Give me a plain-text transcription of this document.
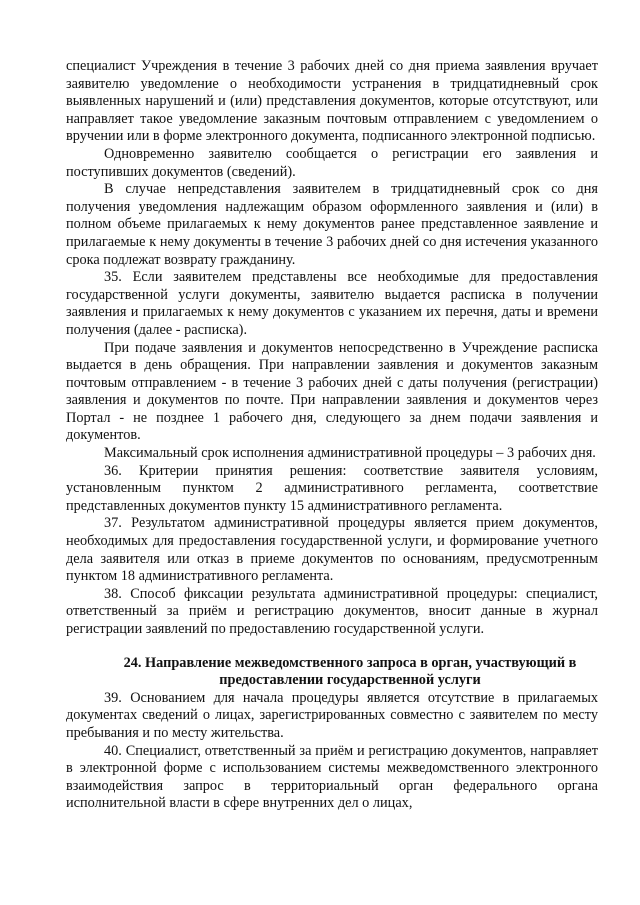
специалист Учреждения в течение 3 рабочих дней со дня приема заявления вручает заявителю уведомление о необходимости устранения в тридцатидневный срок выявленных нарушений и (или) представления документов, которые отсутствуют, или направляет такое уведомление заказным почтовым отправлением с уведомлением о вручении или в форме электронного документа, подписанного электронной подписью.

Одновременно заявителю сообщается о регистрации его заявления и поступивших документов (сведений).

В случае непредставления заявителем в тридцатидневный срок со дня получения уведомления надлежащим образом оформленного заявления и (или) в полном объеме прилагаемых к нему документов ранее представленное заявление и прилагаемые к нему документы в течение 3 рабочих дней со дня истечения указанного срока подлежат возврату гражданину.

35. Если заявителем представлены все необходимые для предоставления государственной услуги документы, заявителю выдается расписка в получении заявления и прилагаемых к нему документов с указанием их перечня, даты и времени получения (далее - расписка).

При подаче заявления и документов непосредственно в Учреждение расписка выдается в день обращения. При направлении заявления и документов заказным почтовым отправлением - в течение 3 рабочих дней с даты получения (регистрации) заявления и документов по почте. При направлении заявления и документов через Портал - не позднее 1 рабочего дня, следующего за днем подачи заявления и документов.

Максимальный срок исполнения административной процедуры – 3 рабочих дня.

36. Критерии принятия решения: соответствие заявителя условиям, установленным пунктом 2 административного регламента, соответствие представленных документов пункту 15 административного регламента.

37. Результатом административной процедуры является прием документов, необходимых для предоставления государственной услуги, и формирование учетного дела заявителя или отказ в приеме документов по основаниям, предусмотренным пунктом 18 административного регламента.

38. Способ фиксации результата административной процедуры: специалист, ответственный за приём и регистрацию документов, вносит данные в журнал регистрации заявлений по предоставлению государственной услуги.

24. Направление межведомственного запроса в орган, участвующий в предоставлении государственной услуги

39. Основанием для начала процедуры является отсутствие в прилагаемых документах сведений о лицах, зарегистрированных совместно с заявителем по месту пребывания и по месту жительства.

40. Специалист, ответственный за приём и регистрацию документов, направляет в электронной форме с использованием системы межведомственного электронного взаимодействия запрос в территориальный орган федерального органа исполнительной власти в сфере внутренних дел о лицах,
